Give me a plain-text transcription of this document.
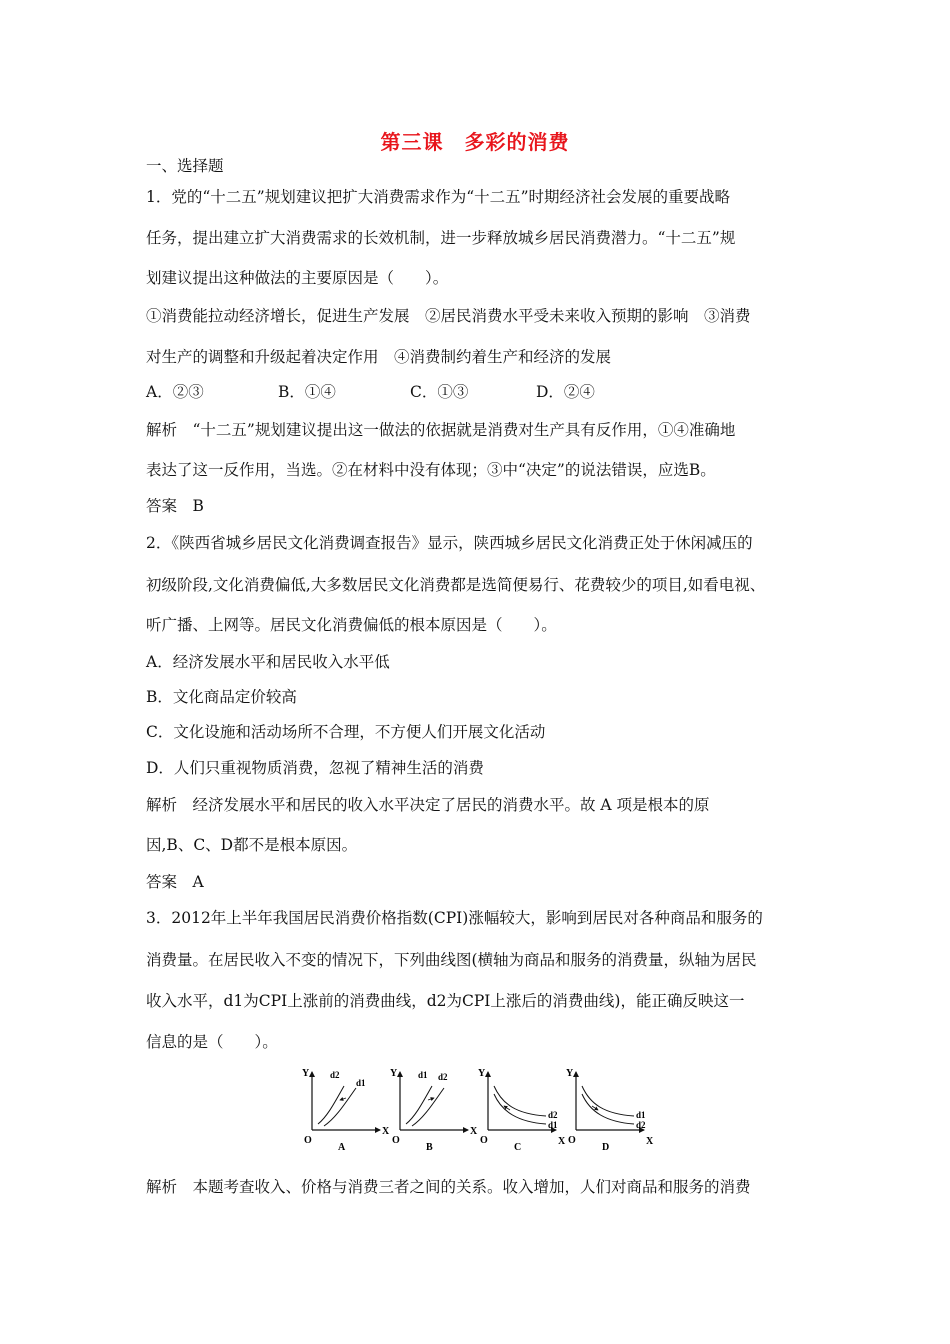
第三课　多彩的消费
一、选择题
1．党的“十二五”规划建议把扩大消费需求作为“十二五”时期经济社会发展的重要战略
任务，提出建立扩大消费需求的长效机制，进一步释放城乡居民消费潜力。“十二五”规
划建议提出这种做法的主要原因是（　　）。
①消费能拉动经济增长，促进生产发展　②居民消费水平受未来收入预期的影响　③消费
对生产的调整和升级起着决定作用　④消费制约着生产和经济的发展
A．②③	B．①④	C．①③	D．②④
解析　“十二五”规划建议提出这一做法的依据就是消费对生产具有反作用，①④准确地
表达了这一反作用，当选。②在材料中没有体现；③中“决定”的说法错误，应选B。
答案　B
2．《陕西省城乡居民文化消费调查报告》显示，陕西城乡居民文化消费正处于休闲减压的
初级阶段,文化消费偏低,大多数居民文化消费都是选简便易行、花费较少的项目,如看电视、
听广播、上网等。居民文化消费偏低的根本原因是（　　）。
A．经济发展水平和居民收入水平低
B．文化商品定价较高
C．文化设施和活动场所不合理，不方便人们开展文化活动
D．人们只重视物质消费，忽视了精神生活的消费
解析　经济发展水平和居民的收入水平决定了居民的消费水平。故 A 项是根本的原
因,B、C、D都不是根本原因。
答案　A
3．2012年上半年我国居民消费价格指数(CPI)涨幅较大，影响到居民对各种商品和服务的
消费量。在居民收入不变的情况下，下列曲线图(横轴为商品和服务的消费量，纵轴为居民
收入水平，d1为CPI上涨前的消费曲线，d2为CPI上涨后的消费曲线)，能正确反映这一
信息的是（　　）。
Y
X
O
d2
d1
A
Y
X
O
d1 d2
B
Y
X
O
d2
d1
C
Y
X
O
d1
d2
D
解析　本题考查收入、价格与消费三者之间的关系。收入增加，人们对商品和服务的消费
